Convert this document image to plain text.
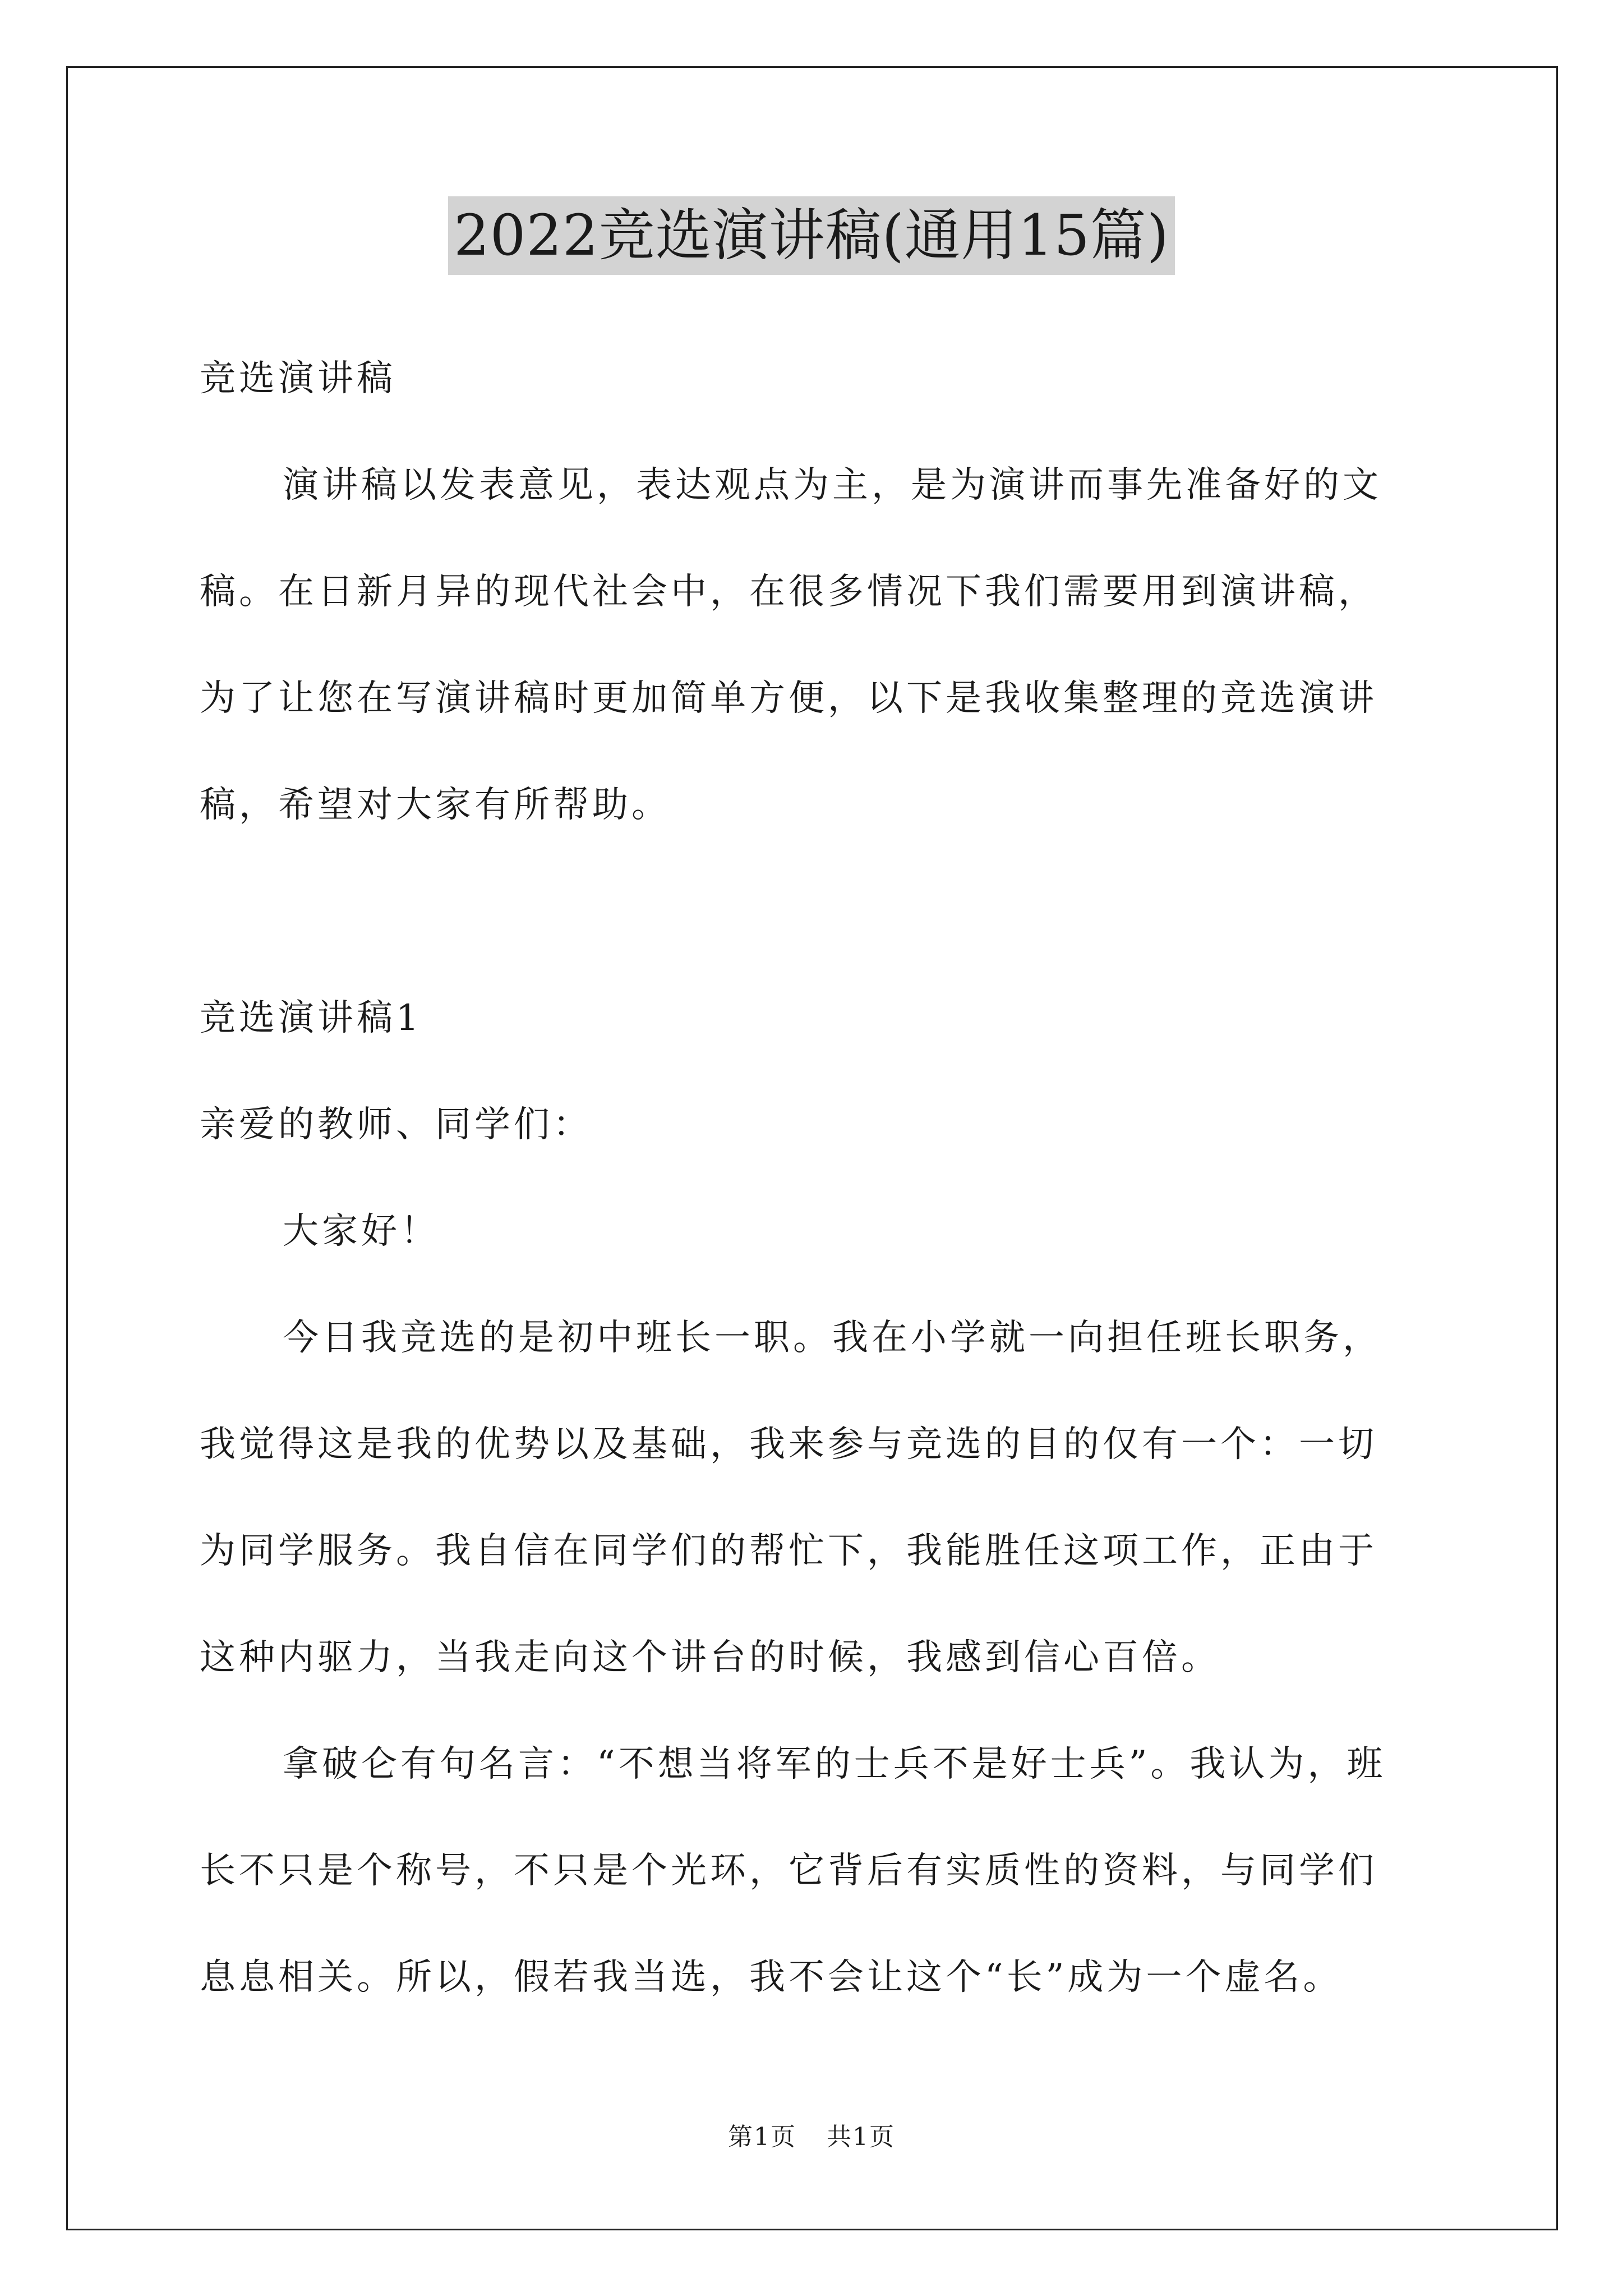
2022竞选演讲稿(通用15篇)
竞选演讲稿
演讲稿以发表意见，表达观点为主，是为演讲而事先准备好的文
稿。在日新月异的现代社会中，在很多情况下我们需要用到演讲稿，
为了让您在写演讲稿时更加简单方便，以下是我收集整理的竞选演讲
稿，希望对大家有所帮助。
竞选演讲稿1
亲爱的教师、同学们：
大家好！
今日我竞选的是初中班长一职。我在小学就一向担任班长职务，
我觉得这是我的优势以及基础，我来参与竞选的目的仅有一个：一切
为同学服务。我自信在同学们的帮忙下，我能胜任这项工作，正由于
这种内驱力，当我走向这个讲台的时候，我感到信心百倍。
拿破仑有句名言：“不想当将军的士兵不是好士兵”。我认为，班
长不只是个称号，不只是个光环，它背后有实质性的资料，与同学们
息息相关。所以，假若我当选，我不会让这个“长”成为一个虚名。
第1页 共1页
